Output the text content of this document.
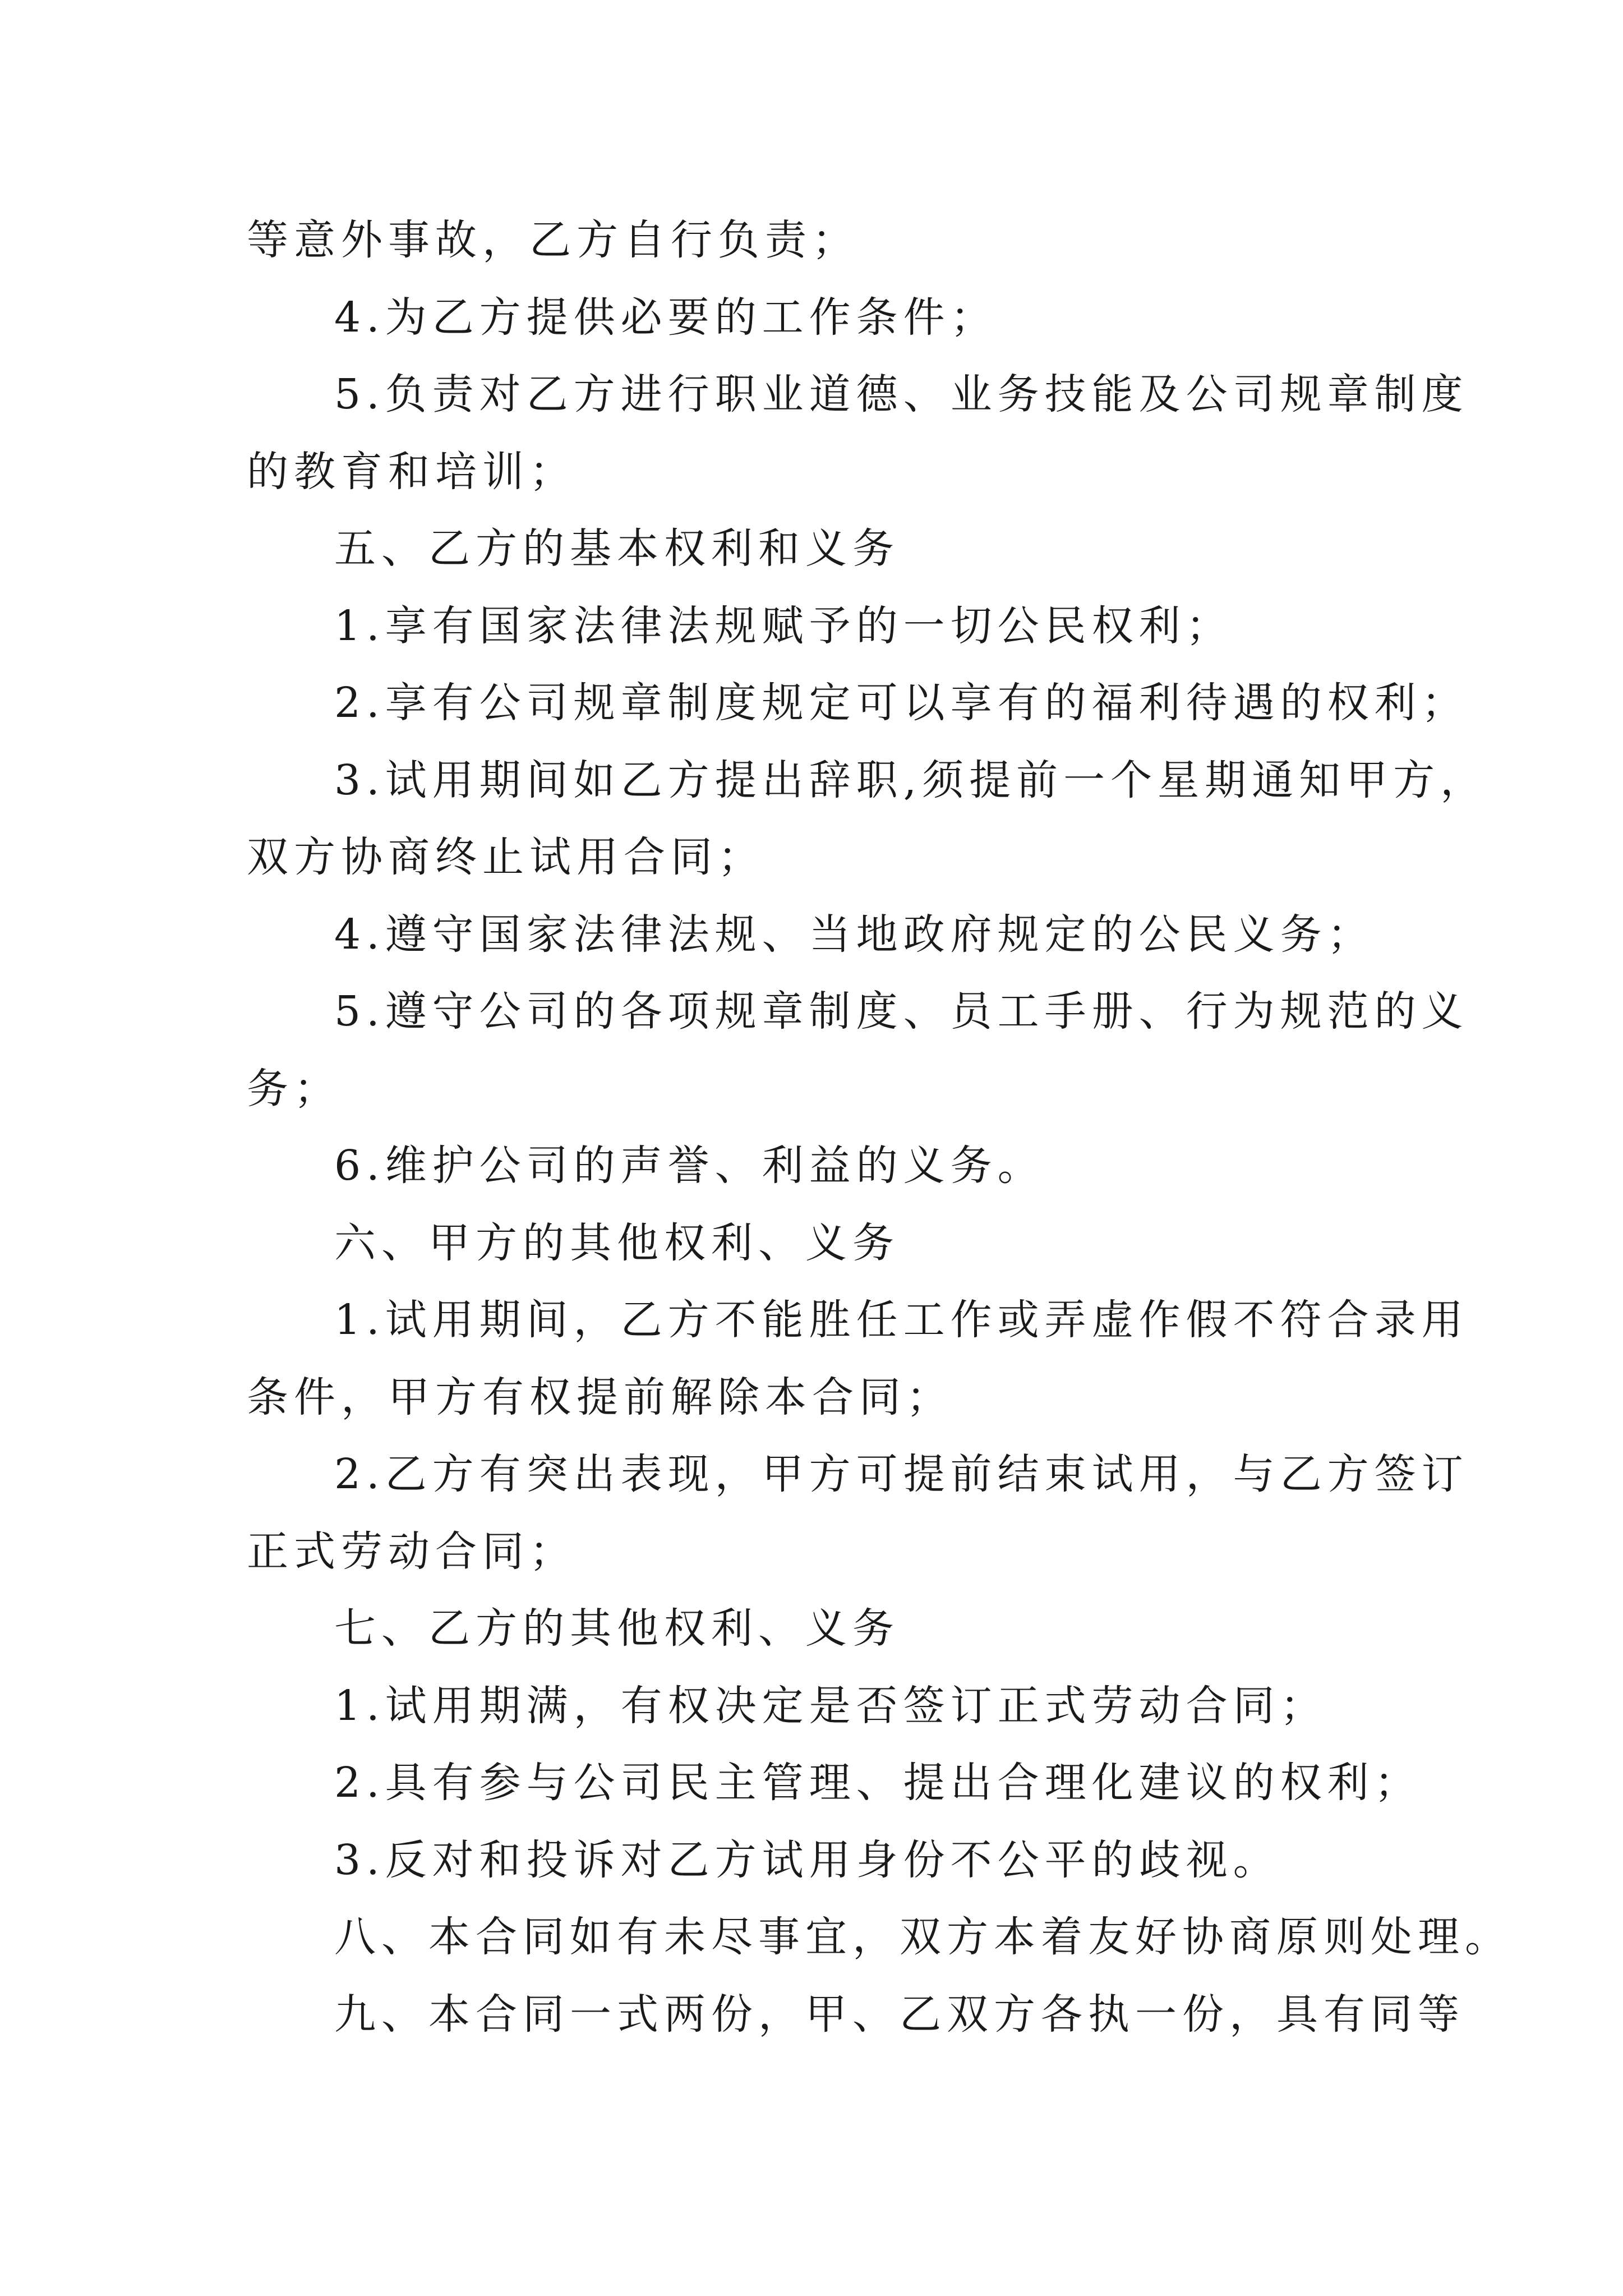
等意外事故，乙方自行负责；
4.为乙方提供必要的工作条件；
5.负责对乙方进行职业道德、业务技能及公司规章制度
的教育和培训；
五、乙方的基本权利和义务
1.享有国家法律法规赋予的一切公民权利；
2.享有公司规章制度规定可以享有的福利待遇的权利；
3.试用期间如乙方提出辞职,须提前一个星期通知甲方，
双方协商终止试用合同；
4.遵守国家法律法规、当地政府规定的公民义务；
5.遵守公司的各项规章制度、员工手册、行为规范的义
务；
6.维护公司的声誉、利益的义务。
六、甲方的其他权利、义务
1.试用期间，乙方不能胜任工作或弄虚作假不符合录用
条件，甲方有权提前解除本合同；
2.乙方有突出表现，甲方可提前结束试用，与乙方签订
正式劳动合同；
七、乙方的其他权利、义务
1.试用期满，有权决定是否签订正式劳动合同；
2.具有参与公司民主管理、提出合理化建议的权利；
3.反对和投诉对乙方试用身份不公平的歧视。
八、本合同如有未尽事宜，双方本着友好协商原则处理。
九、本合同一式两份，甲、乙双方各执一份，具有同等
